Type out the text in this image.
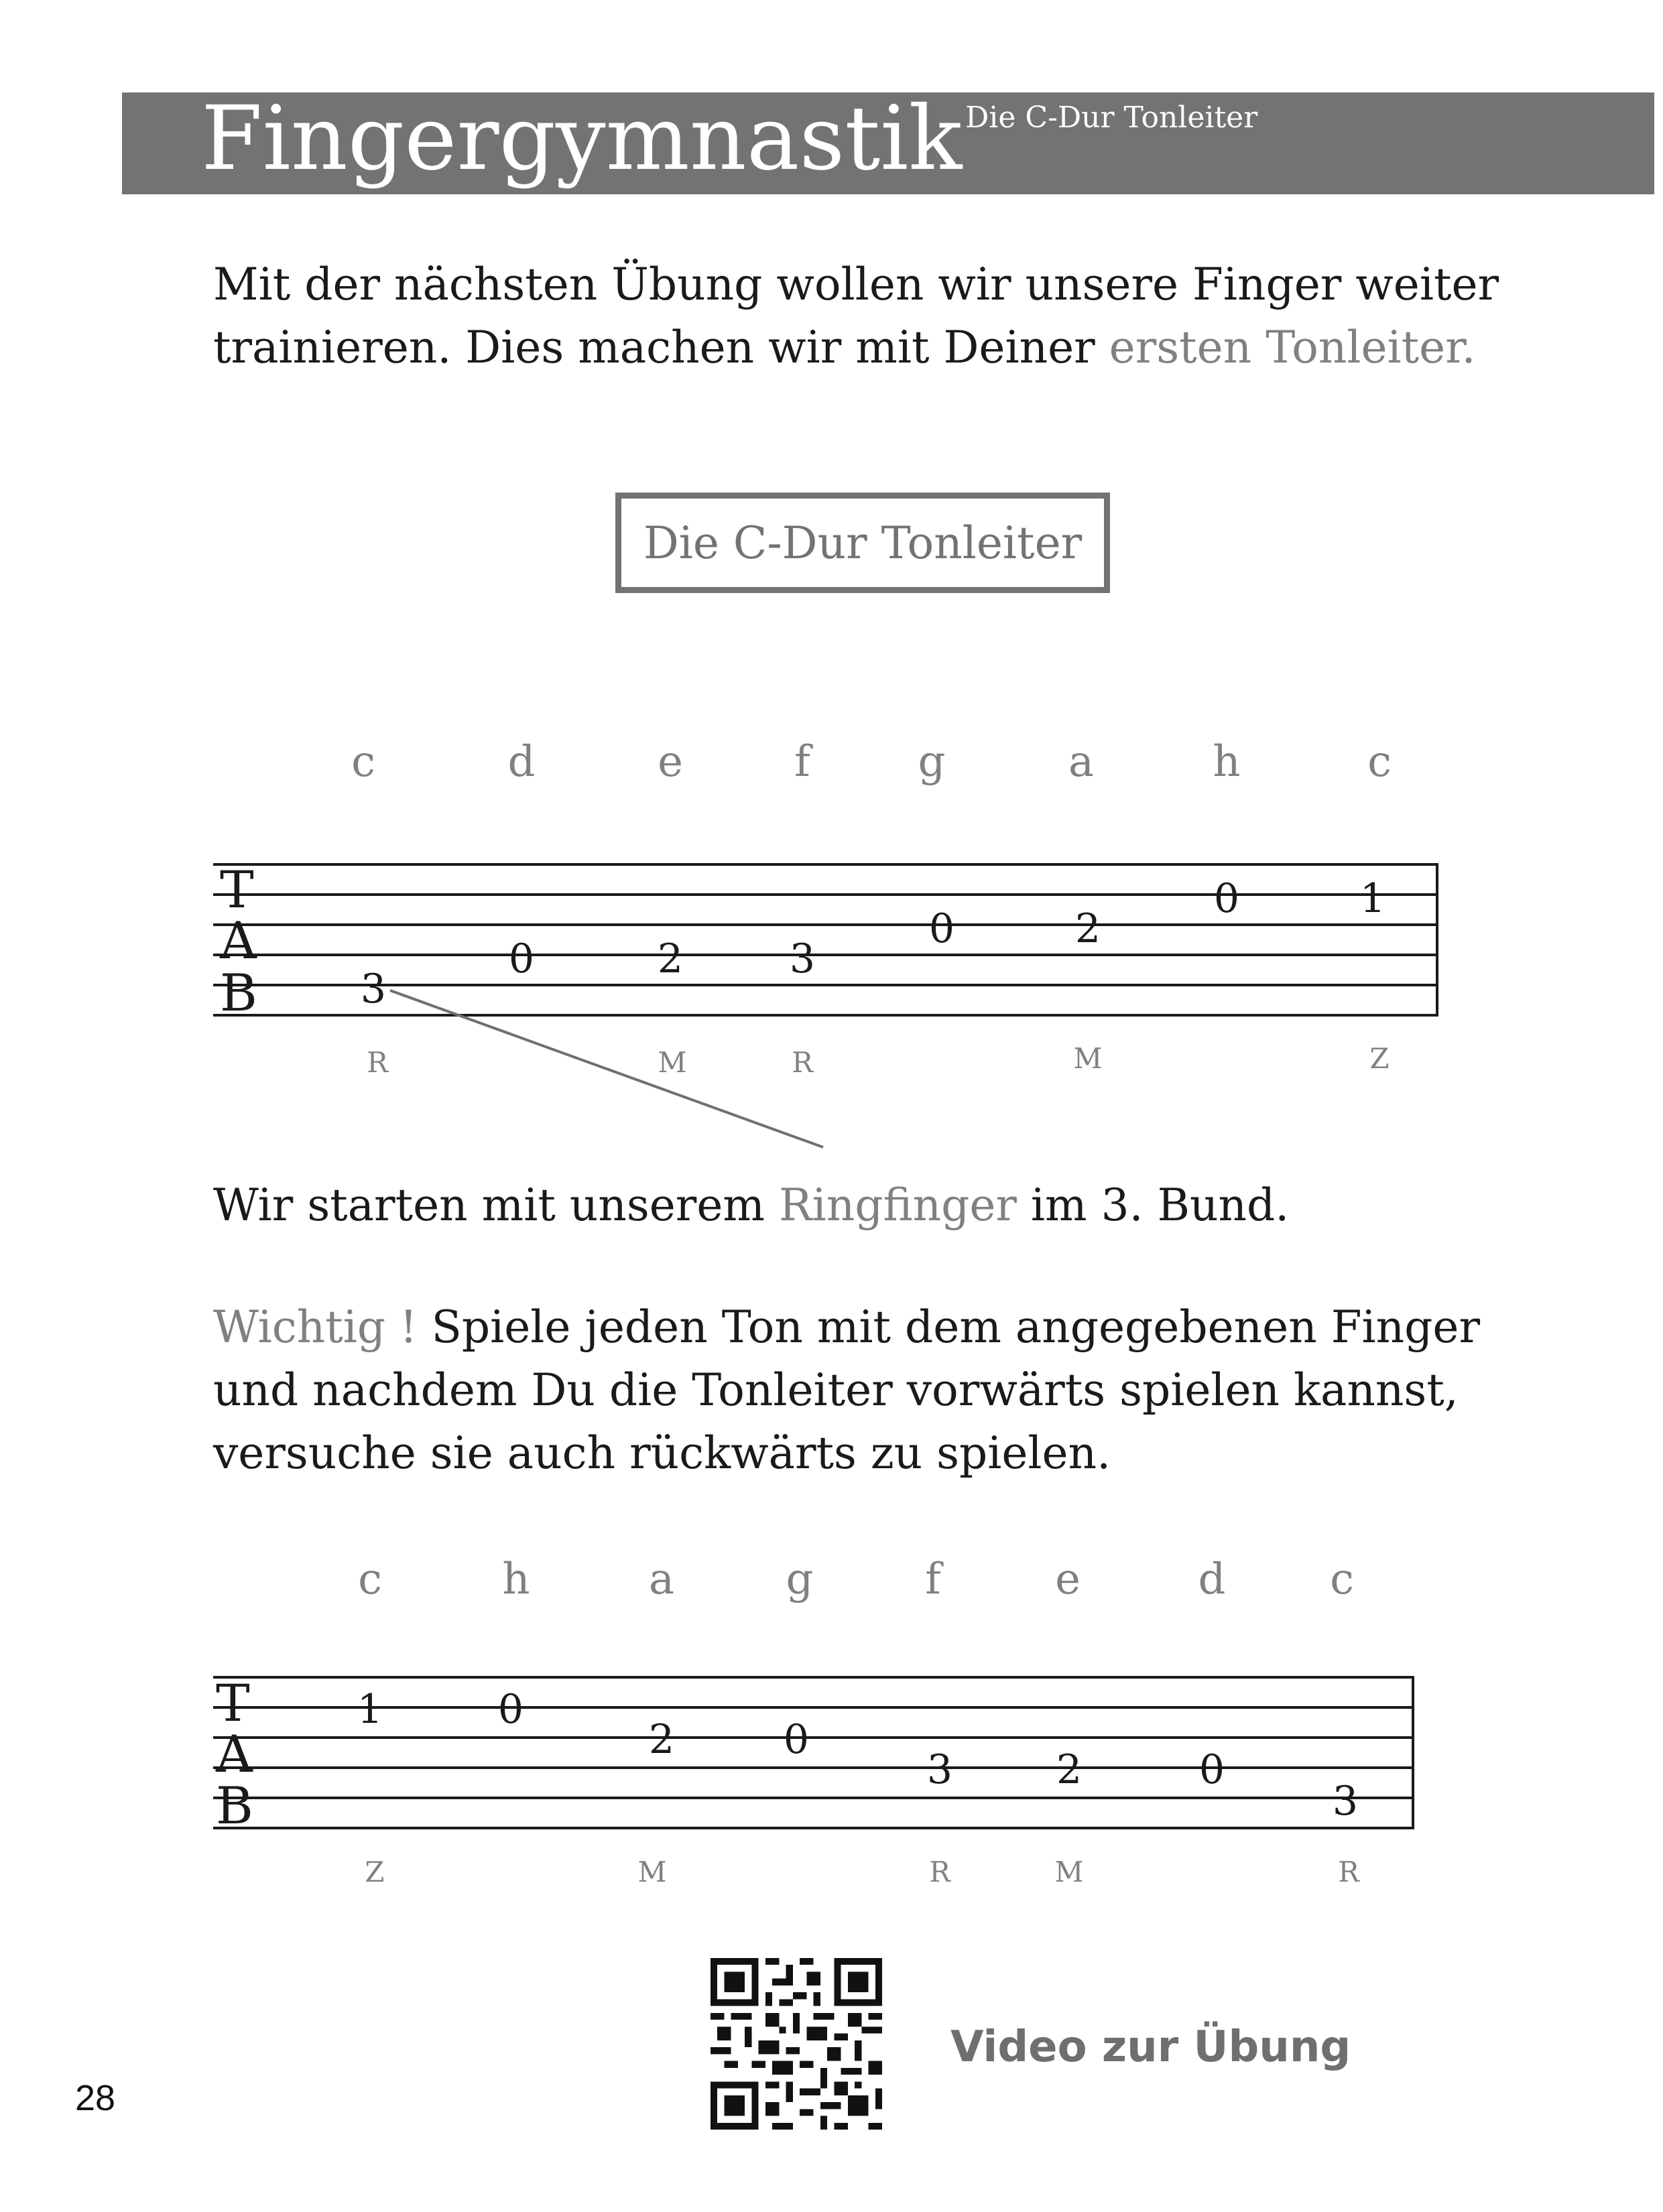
Fingergymnastik Die C-Dur Tonleiter
Mit der nächsten Übung wollen wir unsere Finger weiter
trainieren. Dies machen wir mit Deiner ersten Tonleiter.
Die C-Dur Tonleiter
c	d	e	f	g	a	h	c
T
A
B	3
0	2	3
0	2
0	1
R	M	R	M	Z
c	h	a	g	f	e	d c
T
A
B
1	0
2	0
3	2	0
3
Z	M	R	M	R
Wir starten mit unserem Ringfinger im 3. Bund.
Wichtig ! Spiele jeden Ton mit dem angegebenen Finger
und nachdem Du die Tonleiter vorwärts spielen kannst,
versuche sie auch rückwärts zu spielen.
Video zur Übung
28
